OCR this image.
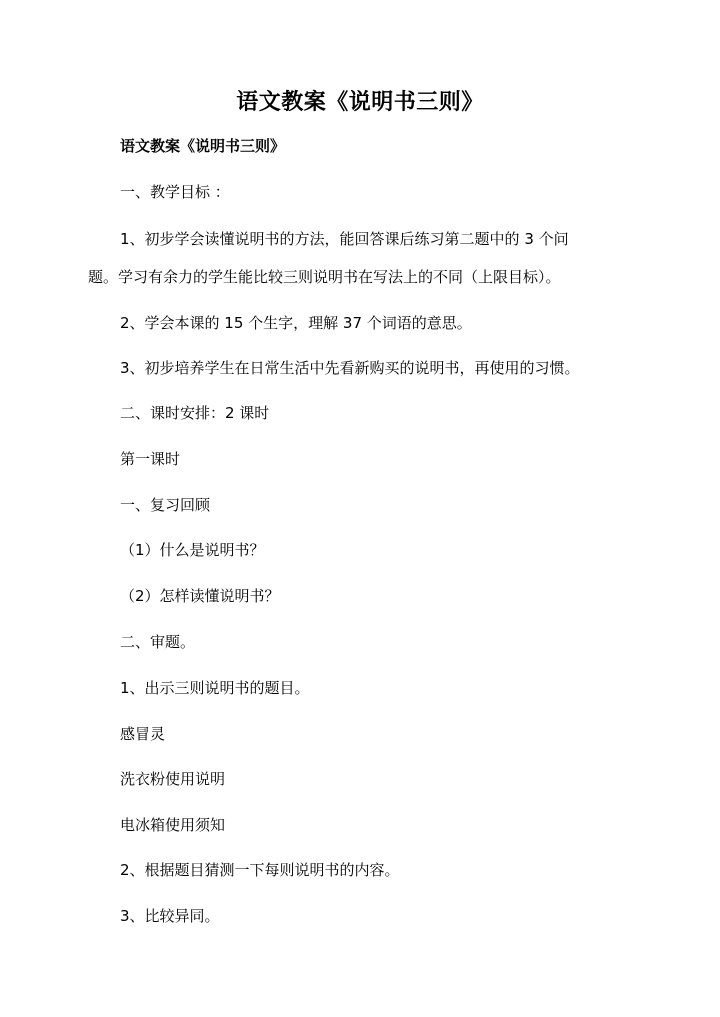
语文教案《说明书三则》
语文教案《说明书三则》
一、教学目标 ：
1、初步学会读懂说明书的方法，能回答课后练习第二题中的 3 个问
题。学习有余力的学生能比较三则说明书在写法上的不同（上限目标）。
2、学会本课的 15 个生字，理解 37 个词语的意思。
3、初步培养学生在日常生活中先看新购买的说明书，再使用的习惯。
二、课时安排：2 课时
第一课时
一、复习回顾
（1）什么是说明书？
（2）怎样读懂说明书？
二、审题。
1、出示三则说明书的题目。
感冒灵
洗衣粉使用说明
电冰箱使用须知
2、根据题目猜测一下每则说明书的内容。
3、比较异同。
